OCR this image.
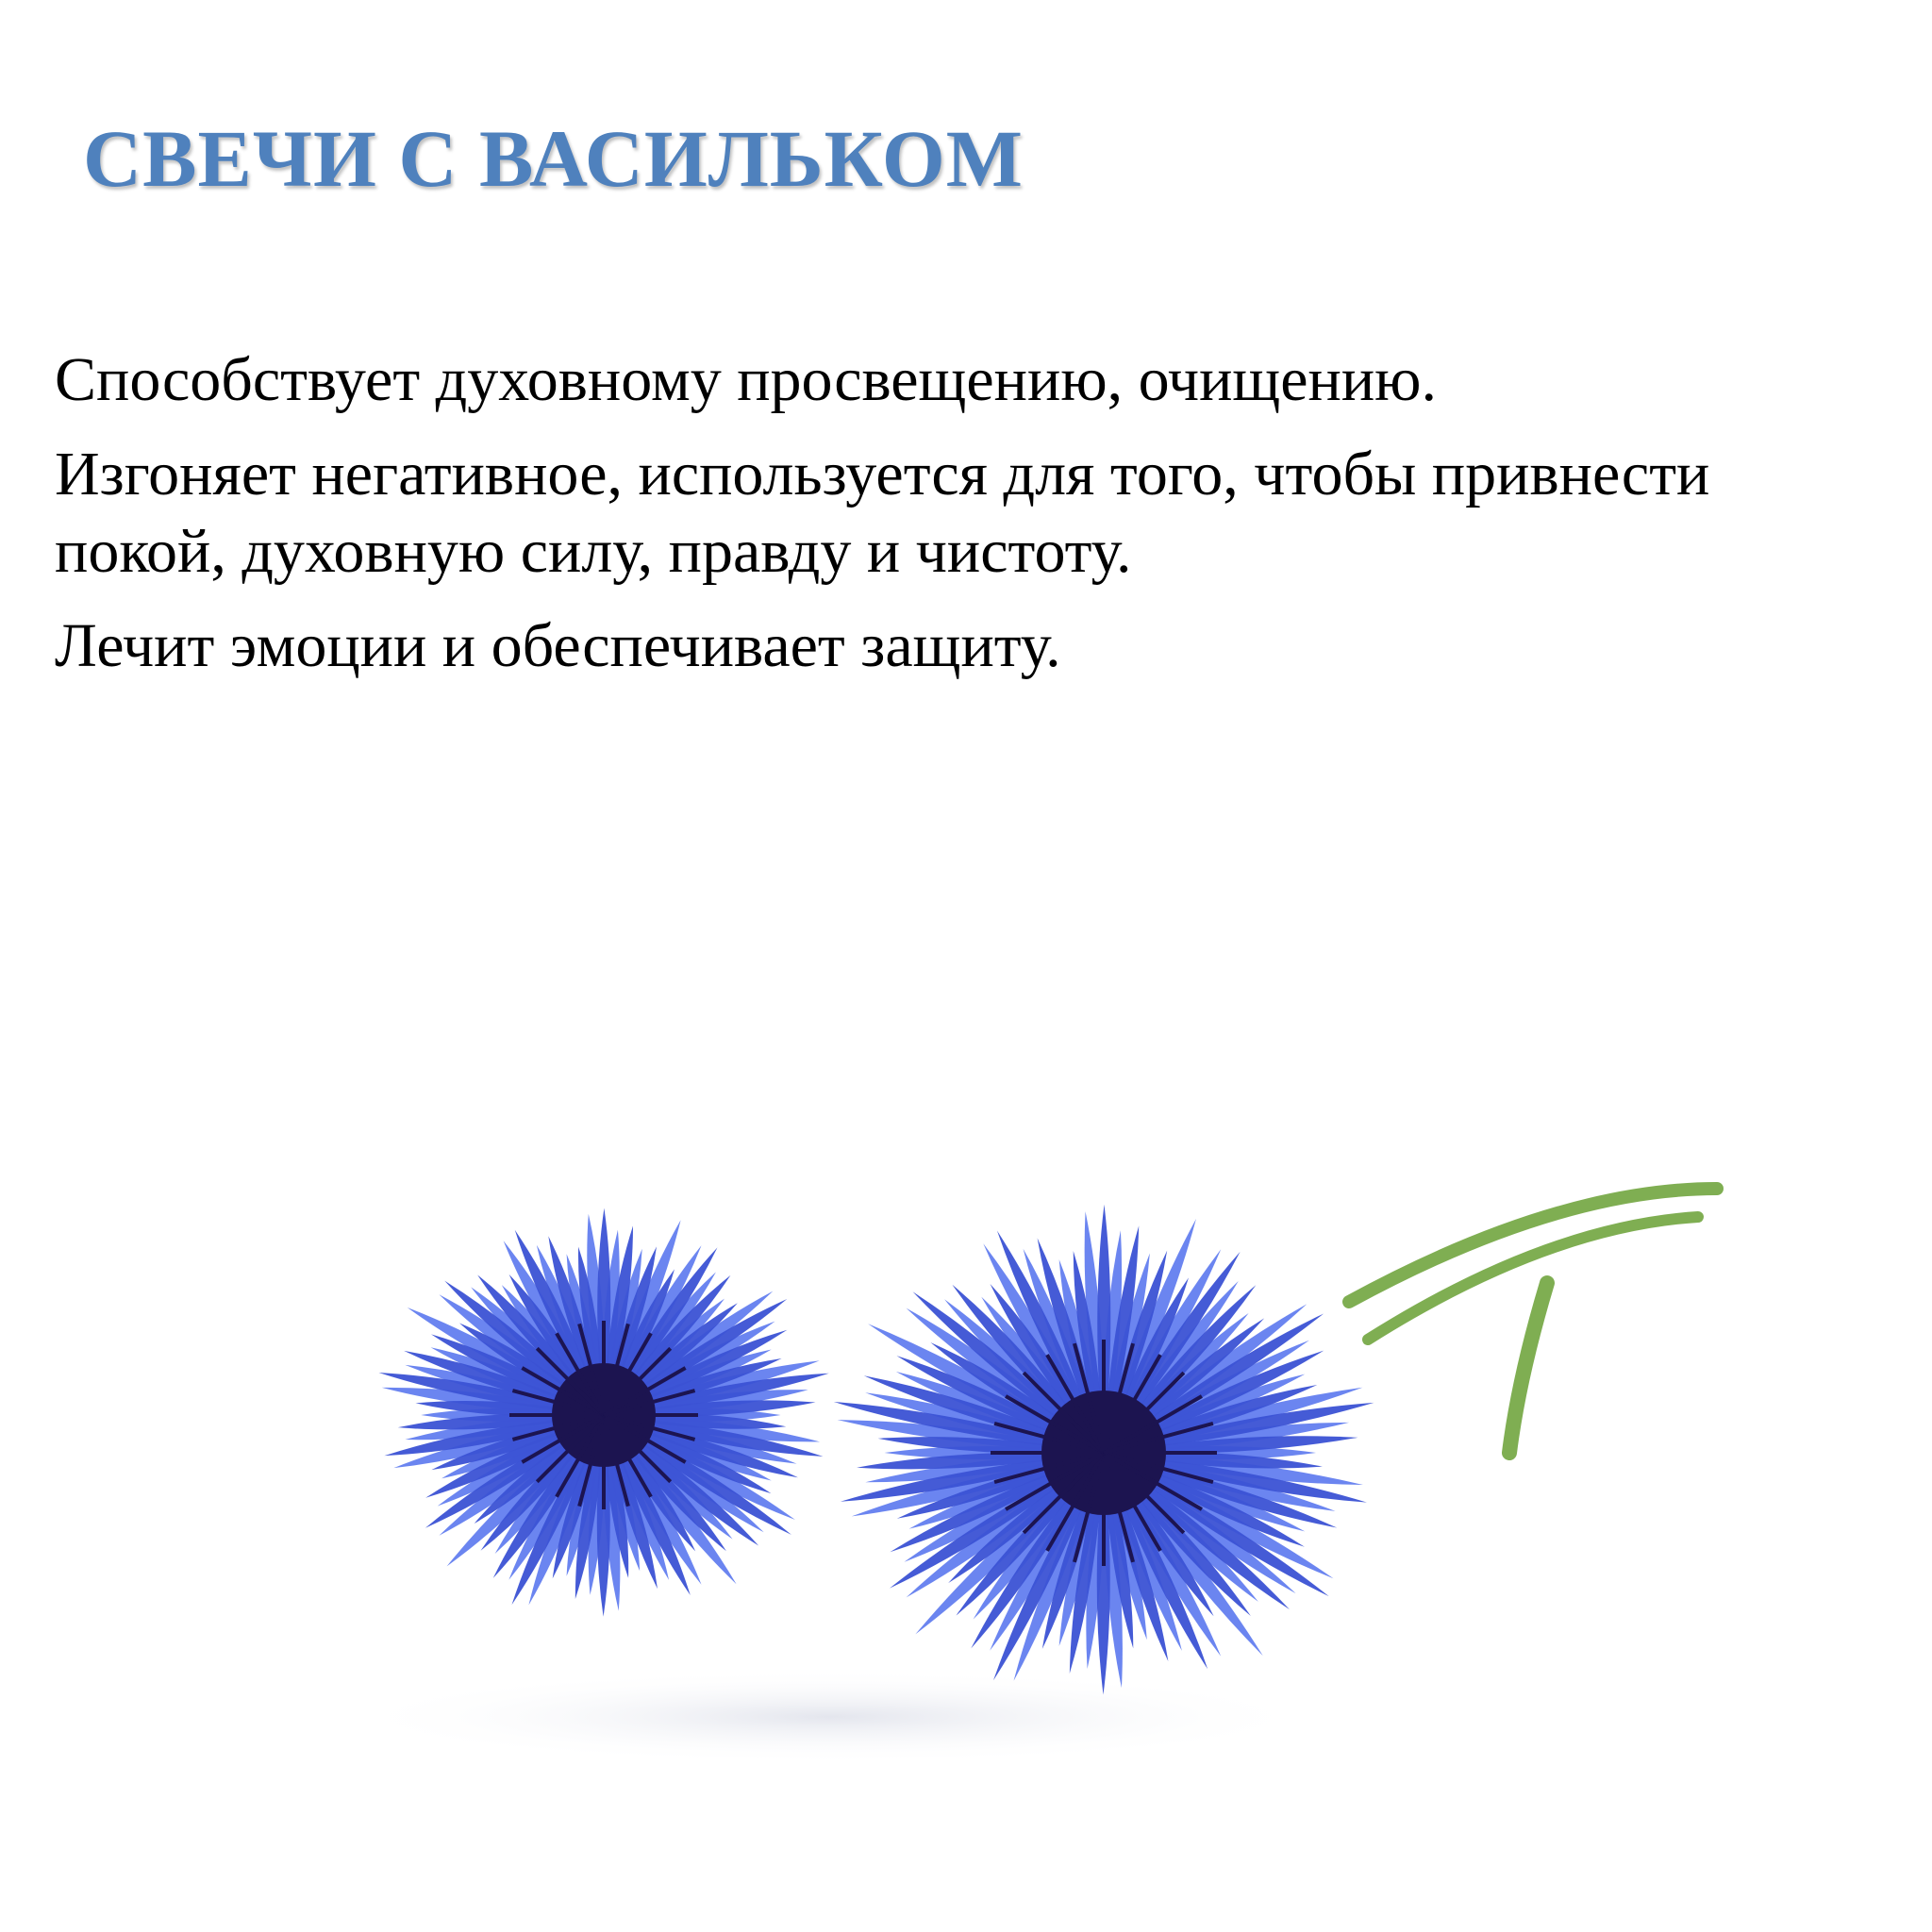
СВЕЧИ С ВАСИЛЬКОМ

Способствует духовному просвещению, очищению.

Изгоняет негативное, используется для того, чтобы привнести покой, духовную силу, правду и чистоту.

Лечит эмоции и обеспечивает защиту.
